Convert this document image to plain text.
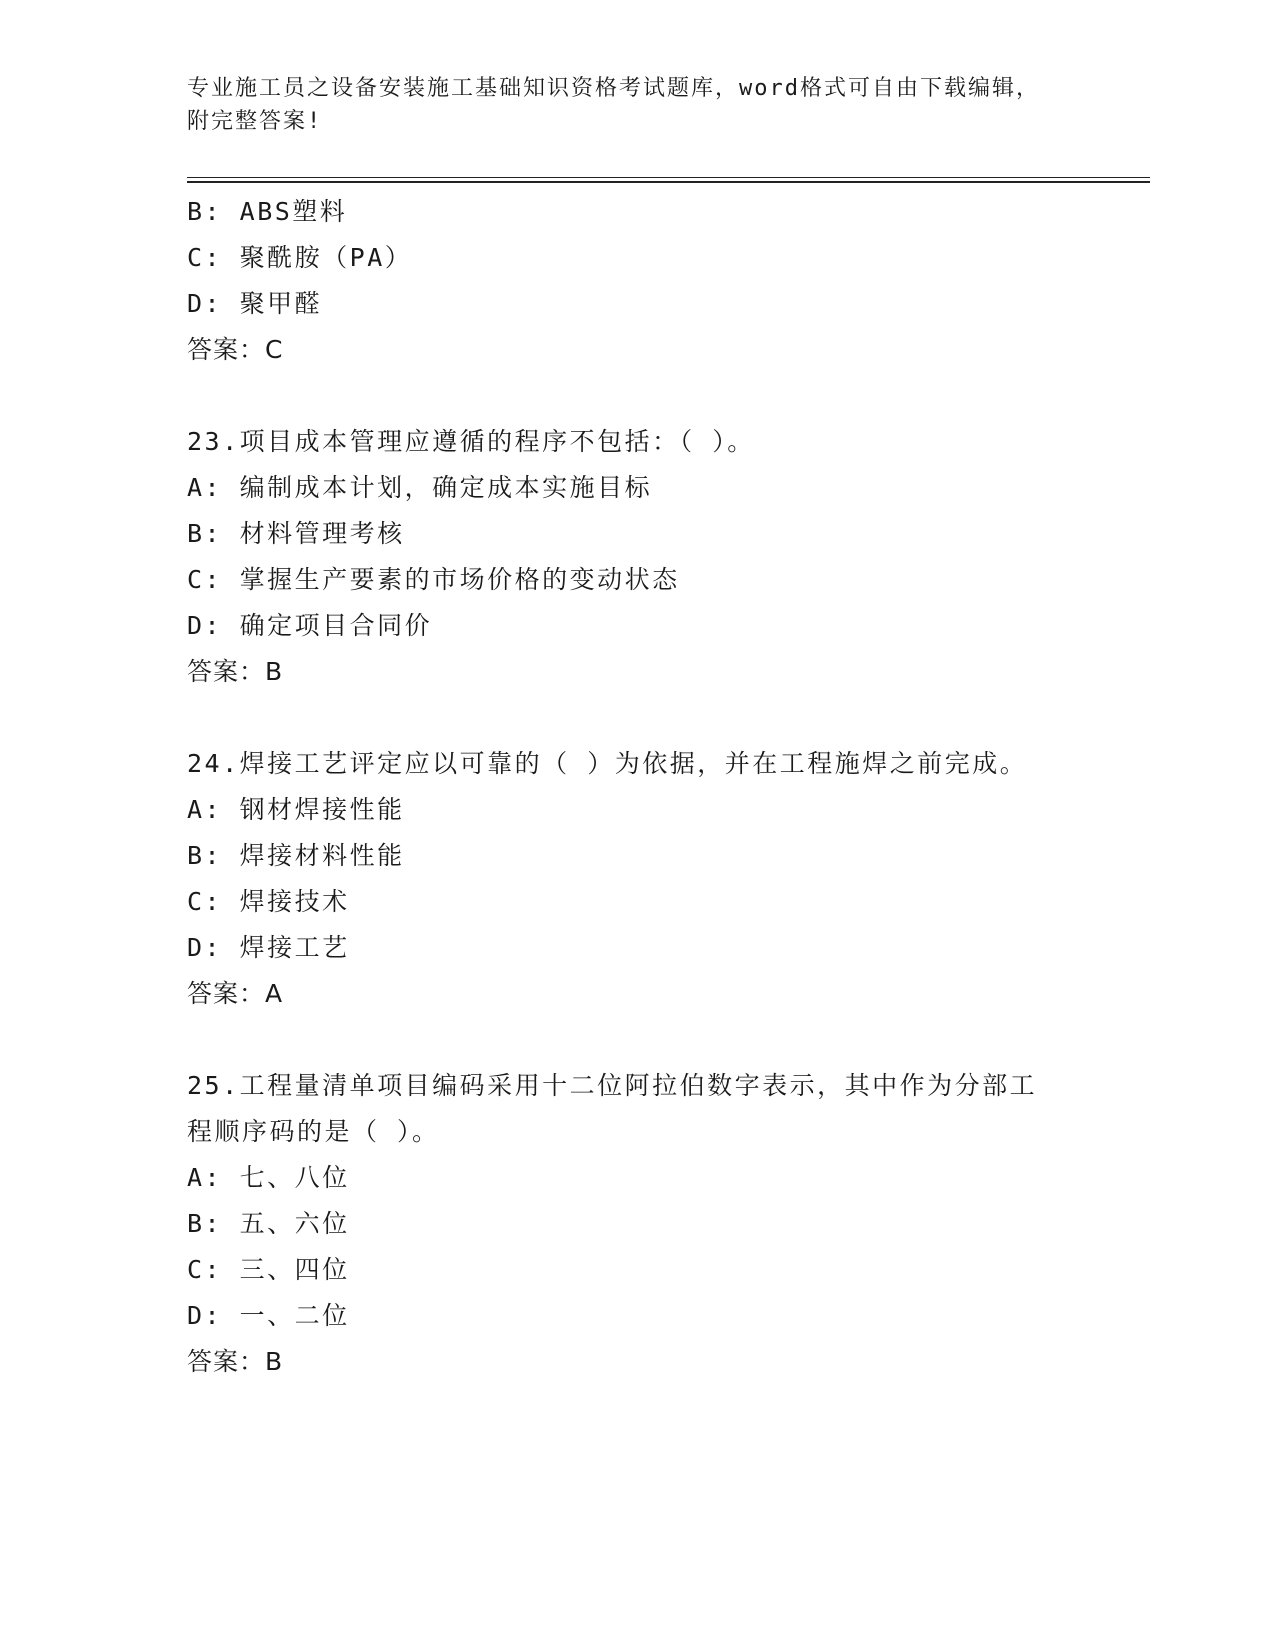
专业施工员之设备安装施工基础知识资格考试题库，word格式可自由下载编辑，
附完整答案!
B: ABS塑料
C: 聚酰胺（PA）
D: 聚甲醛
答案：C
23.项目成本管理应遵循的程序不包括：（ ）。
A: 编制成本计划，确定成本实施目标
B: 材料管理考核
C: 掌握生产要素的市场价格的变动状态
D: 确定项目合同价
答案：B
24.焊接工艺评定应以可靠的（ ）为依据，并在工程施焊之前完成。
A: 钢材焊接性能
B: 焊接材料性能
C: 焊接技术
D: 焊接工艺
答案：A
25.工程量清单项目编码采用十二位阿拉伯数字表示，其中作为分部工
程顺序码的是（ ）。
A: 七、八位
B: 五、六位
C: 三、四位
D: 一、二位
答案：B
